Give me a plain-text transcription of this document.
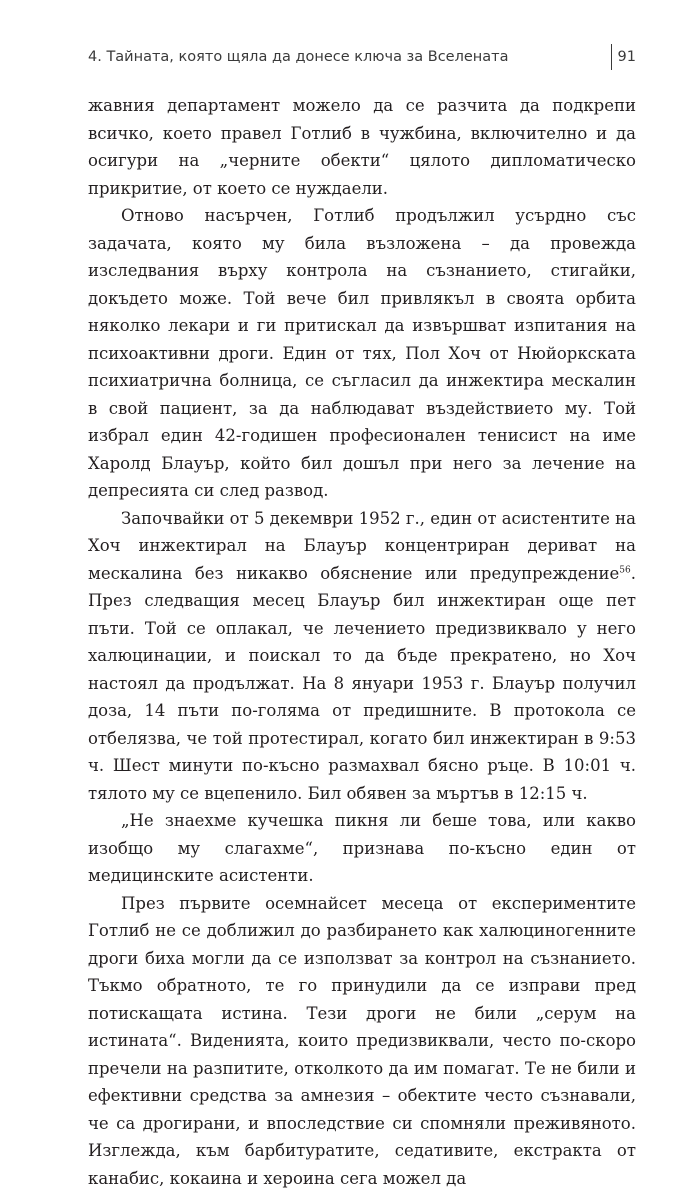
4. Тайната, която щяла да донесе ключа за Вселената	91

жавния департамент можело да се разчита да подкрепи всичко, което правел Готлиб в чужбина, включително и да осигури на „черните обекти“ цялото дипломатическо прикритие, от което се нуждаели.

Отново насърчен, Готлиб продължил усърдно със задачата, която му била възложена – да провежда изследвания върху контрола на съзнанието, стигайки, докъдето може. Той вече бил привлякъл в своята орбита няколко лекари и ги притискал да извършват изпитания на психоактивни дроги. Един от тях, Пол Хоч от Нюйоркската психиатрична болница, се съгласил да инжектира мескалин в свой пациент, за да наблюдават въздействието му. Той избрал един 42-годишен професионален тенисист на име Харолд Блауър, който бил дошъл при него за лечение на депресията си след развод.

Започвайки от 5 декември 1952 г., един от асистентите на Хоч инжектирал на Блауър концентриран дериват на мескалина без никакво обяснение или предупреждение$^{56}$. През следващия месец Блауър бил инжектиран още пет пъти. Той се оплакал, че лечението предизвиквало у него халюцинации, и поискал то да бъде прекратено, но Хоч настоял да продължат. На 8 януари 1953 г. Блауър получил доза, 14 пъти по-голяма от предишните. В протокола се отбелязва, че той протестирал, когато бил инжектиран в 9:53 ч. Шест минути по-късно размахвал бясно ръце. В 10:01 ч. тялото му се вцепенило. Бил обявен за мъртъв в 12:15 ч.

„Не знаехме кучешка пикня ли беше това, или какво изобщо му слагахме“, признава по-късно един от медицинските асистенти.

През първите осемнайсет месеца от експериментите Готлиб не се доближил до разбирането как халюциногенните дроги биха могли да се използват за контрол на съзнанието. Тъкмо обратното, те го принудили да се изправи пред потискащата истина. Тези дроги не били „серум на истината“. Виденията, които предизвиквали, често по-скоро пречели на разпитите, отколкото да им помагат. Те не били и ефективни средства за амнезия – обектите често съзнавали, че са дрогирани, и впоследствие си спомняли преживяното. Изглежда, към барбитуратите, седативите, екстракта от канабис, кокаина и хероина сега можел да
